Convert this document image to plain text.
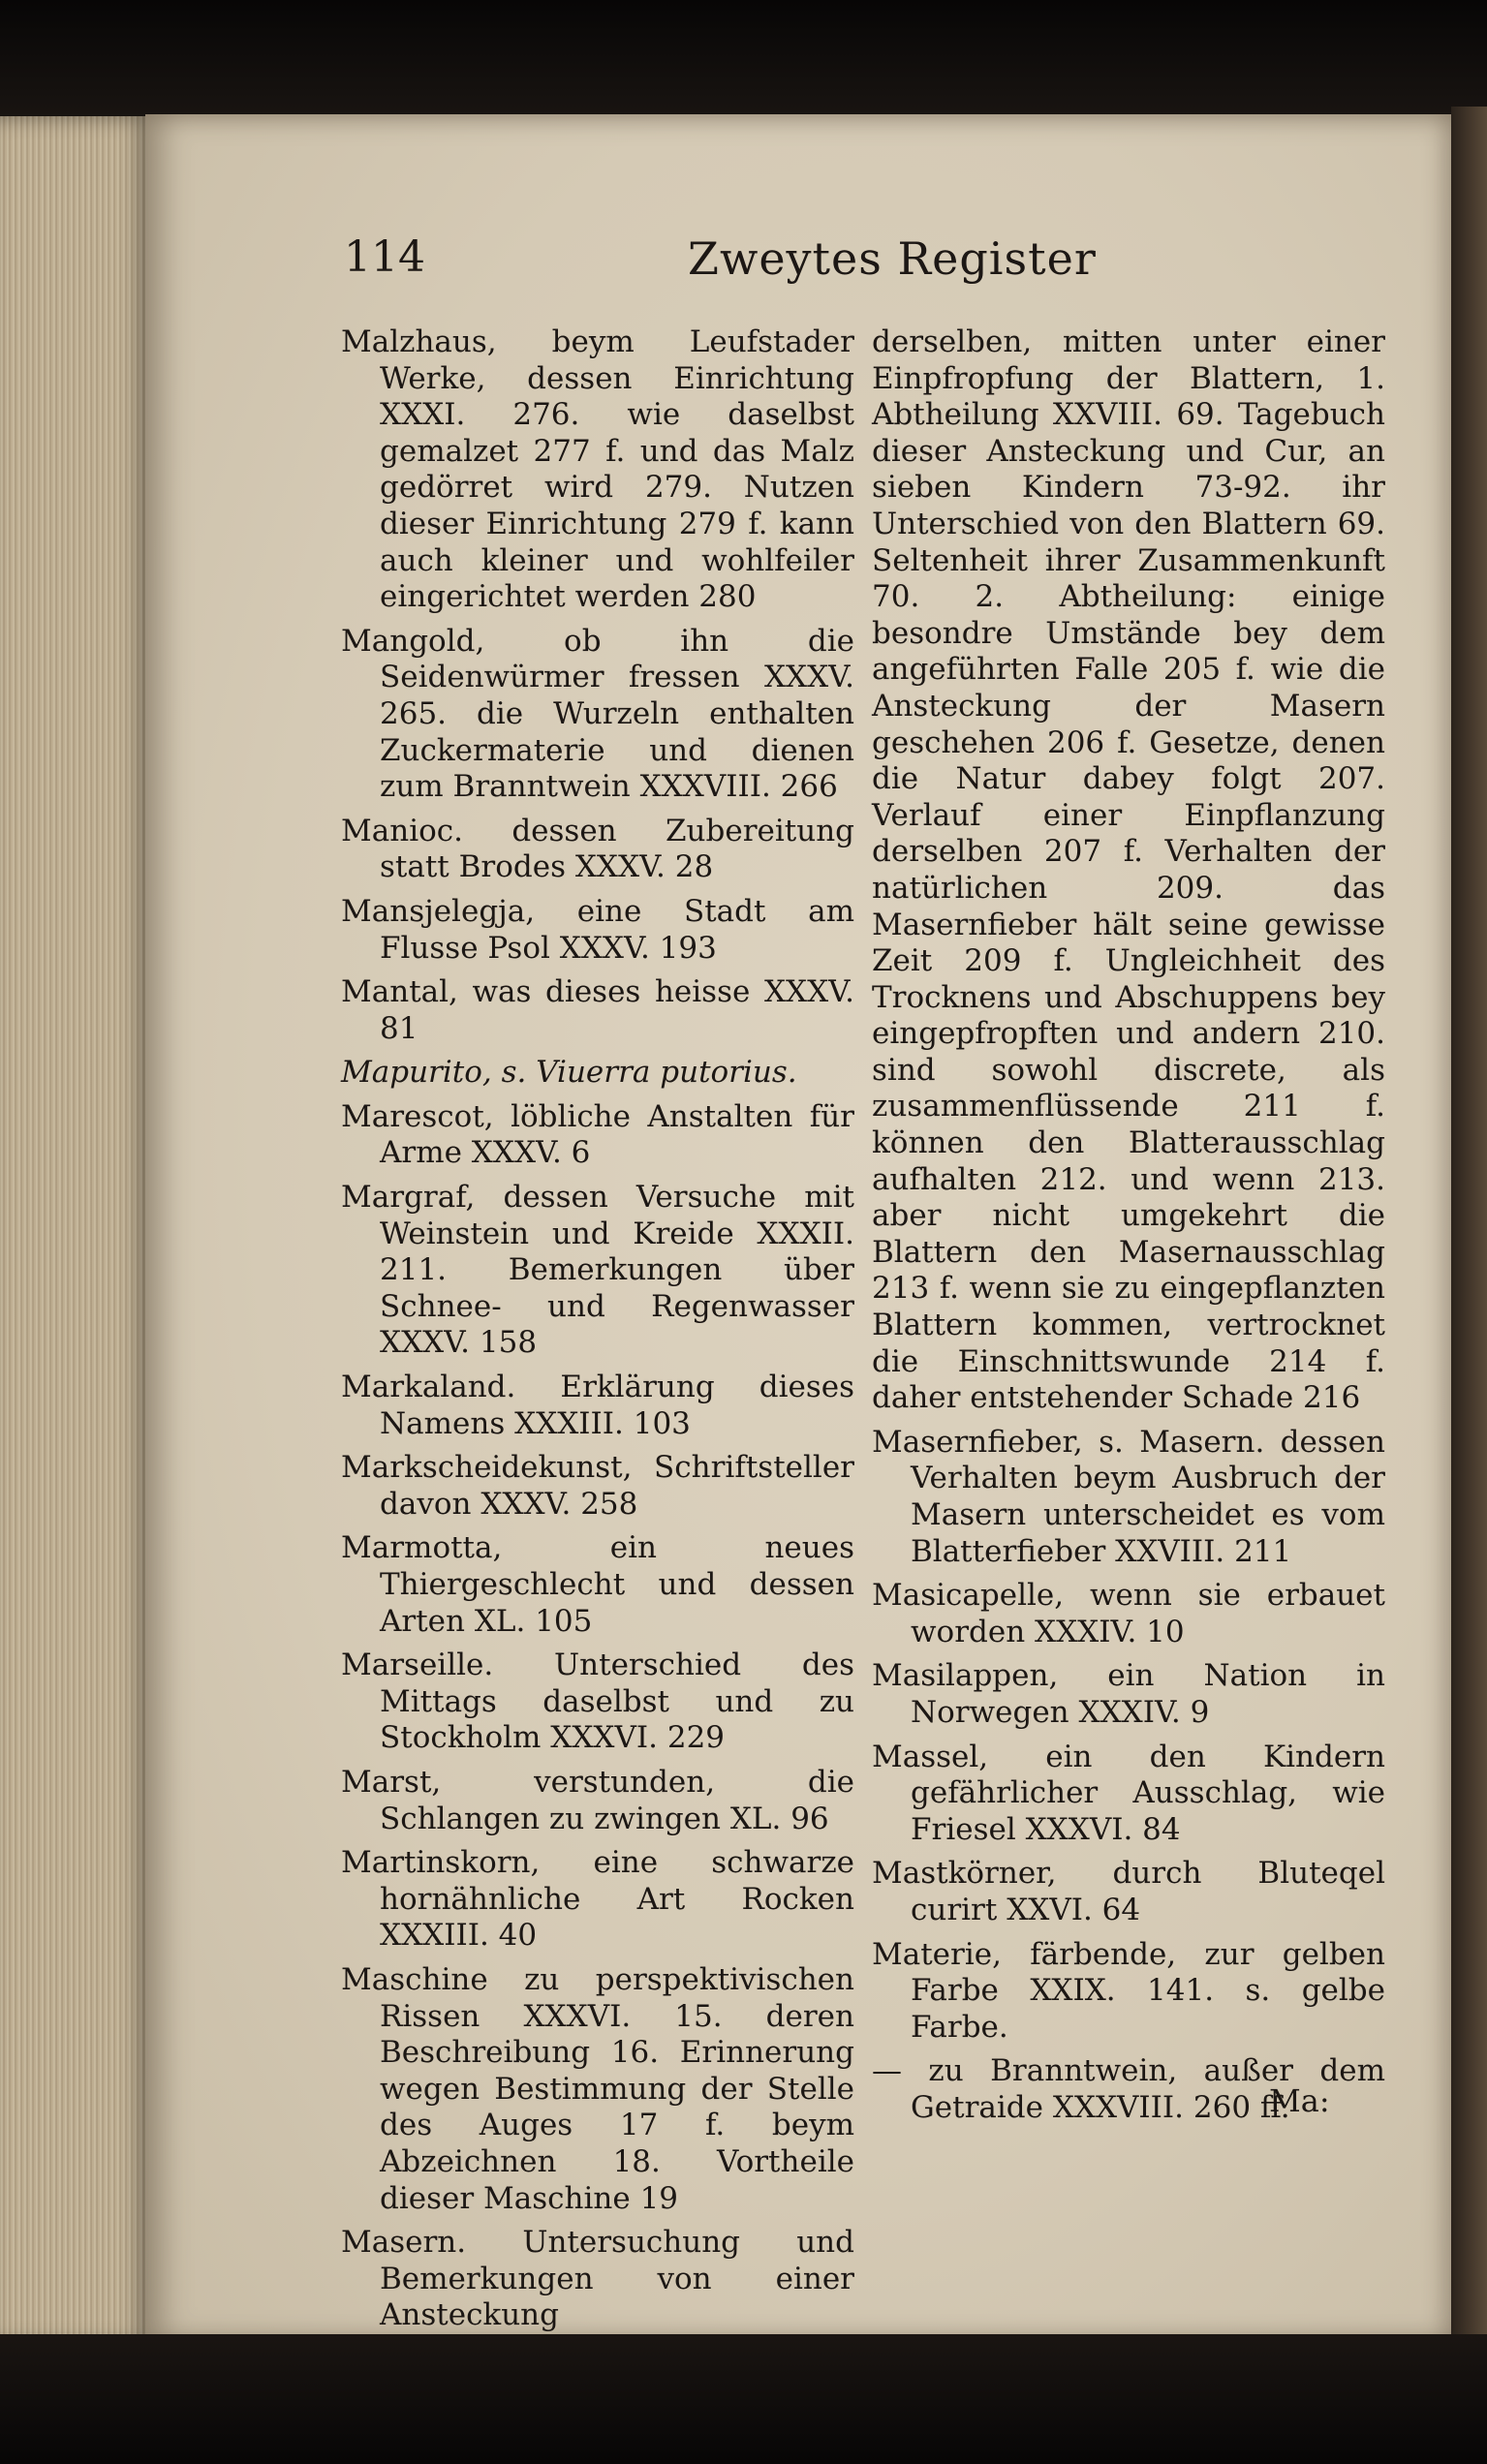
114	Zweytes Register

Malzhaus, beym Leufstader Werke, dessen Einrichtung XXXI. 276. wie daselbst gemalzet 277 f. und das Malz gedörret wird 279. Nutzen dieser Einrichtung 279 f. kann auch kleiner und wohlfeiler eingerichtet werden 280

Mangold, ob ihn die Seidenwürmer fressen XXXV. 265. die Wurzeln enthalten Zuckermaterie und dienen zum Branntwein XXXVIII. 266

Manioc. dessen Zubereitung statt Brodes XXXV. 28

Mansjelegja, eine Stadt am Flusse Psol XXXV. 193

Mantal, was dieses heisse XXXV. 81

Mapurito, s. Viuerra putorius.

Marescot, löbliche Anstalten für Arme XXXV. 6

Margraf, dessen Versuche mit Weinstein und Kreide XXXII. 211. Bemerkungen über Schnee- und Regenwasser XXXV. 158

Markaland. Erklärung dieses Namens XXXIII. 103

Markscheidekunst, Schriftsteller davon XXXV. 258

Marmotta, ein neues Thiergeschlecht und dessen Arten XL. 105

Marseille. Unterschied des Mittags daselbst und zu Stockholm XXXVI. 229

Marst, verstunden, die Schlangen zu zwingen XL. 96

Martinskorn, eine schwarze hornähnliche Art Rocken XXXIII. 40

Maschine zu perspektivischen Rissen XXXVI. 15. deren Beschreibung 16. Erinnerung wegen Bestimmung der Stelle des Auges 17 f. beym Abzeichnen 18. Vortheile dieser Maschine 19

Masern. Untersuchung und Bemerkungen von einer Ansteckung

derselben, mitten unter einer Einpfropfung der Blattern, 1. Abtheilung XXVIII. 69. Tagebuch dieser Ansteckung und Cur, an sieben Kindern 73-92. ihr Unterschied von den Blattern 69. Seltenheit ihrer Zusammenkunft 70. 2. Abtheilung: einige besondre Umstände bey dem angeführten Falle 205 f. wie die Ansteckung der Masern geschehen 206 f. Gesetze, denen die Natur dabey folgt 207. Verlauf einer Einpflanzung derselben 207 f. Verhalten der natürlichen 209. das Masernfieber hält seine gewisse Zeit 209 f. Ungleichheit des Trocknens und Abschuppens bey eingepfropften und andern 210. sind sowohl discrete, als zusammenflüssende 211 f. können den Blatterausschlag aufhalten 212. und wenn 213. aber nicht umgekehrt die Blattern den Masernausschlag 213 f. wenn sie zu eingepflanzten Blattern kommen, vertrocknet die Einschnittswunde 214 f. daher entstehender Schade 216

Masernfieber, s. Masern. dessen Verhalten beym Ausbruch der Masern unterscheidet es vom Blatterfieber XXVIII. 211

Masicapelle, wenn sie erbauet worden XXXIV. 10

Masilappen, ein Nation in Norwegen XXXIV. 9

Massel, ein den Kindern gefährlicher Ausschlag, wie Friesel XXXVI. 84

Mastkörner, durch Bluteqel curirt XXVI. 64

Materie, färbende, zur gelben Farbe XXIX. 141. s. gelbe Farbe.

— zu Branntwein, außer dem Getraide XXXVIII. 260 ff.

Ma:
